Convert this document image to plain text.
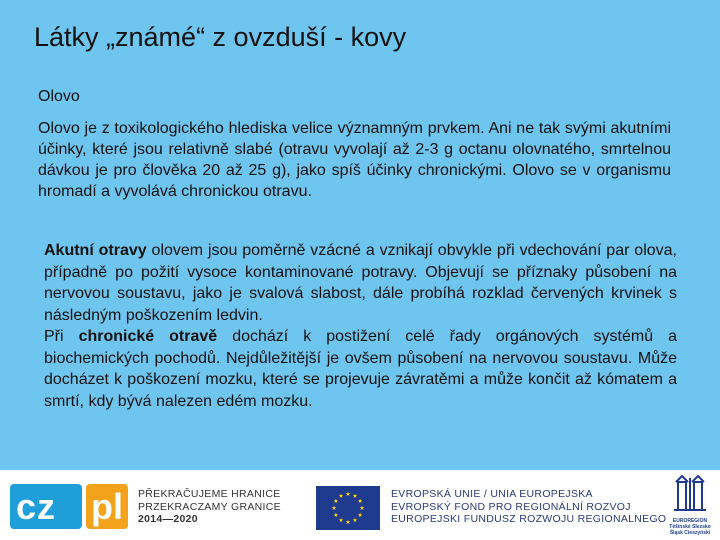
Látky „známé“ z ovzduší - kovy
Olovo
Olovo je z toxikologického hlediska velice významným prvkem. Ani ne tak svými akutními účinky, které jsou relativně slabé (otravu vyvolají až 2-3 g octanu olovnatého, smrtelnou dávkou je pro člověka 20 až 25 g), jako spíš účinky chronickými. Olovo se v organismu hromadí a vyvolává chronickou otravu.
Akutní otravy olovem jsou poměrně vzácné a vznikají obvykle při vdechování par olova, případně po požití vysoce kontaminované potravy. Objevují se příznaky působení na nervovou soustavu, jako je svalová slabost, dále probíhá rozklad červených krvinek s následným poškozením ledvin.
Při chronické otravě dochází k postižení celé řady orgánových systémů a biochemických pochodů. Nejdůležitější je ovšem působení na nervovou soustavu. Může docházet k poškození mozku, které se projevuje závratěmi a může končit až kómatem a smrtí, kdy bývá nalezen edém mozku.
cz pl	PŘEKRAČUJEME HRANICE
PRZEKRACZAMY GRANICE
2014—2020
EVROPSKÁ UNIE / UNIA EUROPEJSKA
EVROPSKÝ FOND PRO REGIONÁLNÍ ROZVOJ
EUROPEJSKI FUNDUSZ ROZWOJU REGIONALNEGO	EUROREGION
Těšínské Slezsko
Śląsk Cieszyński
